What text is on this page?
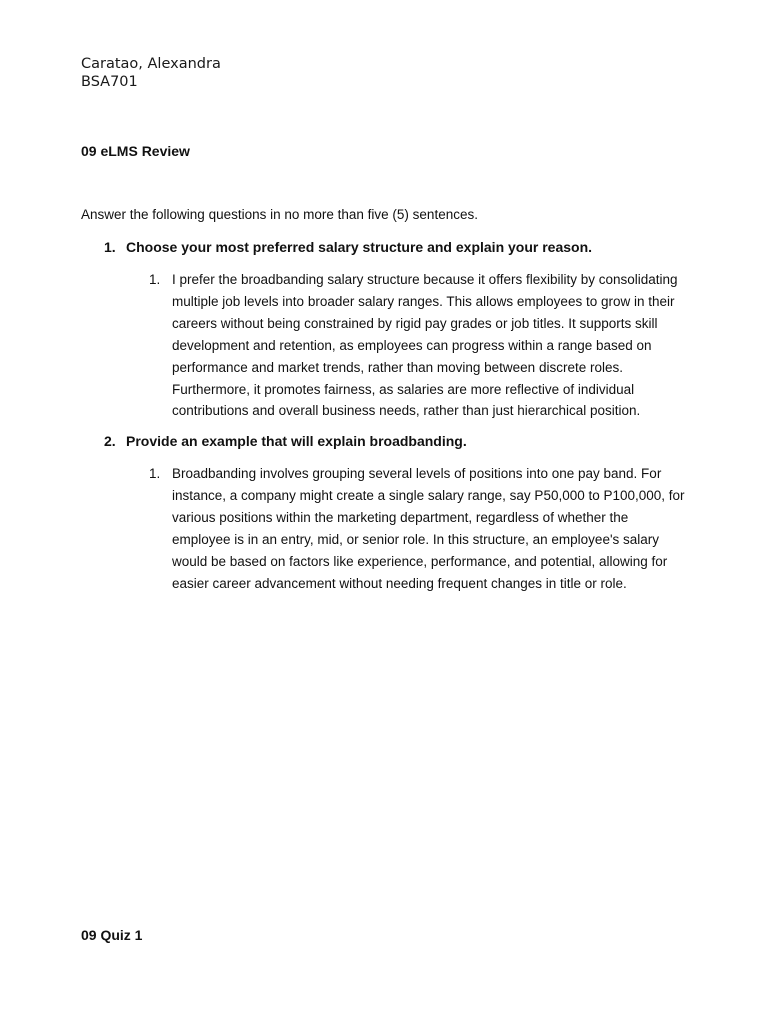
Caratao, Alexandra
BSA701
09 eLMS Review
Answer the following questions in no more than five (5) sentences.
1. Choose your most preferred salary structure and explain your reason.
1. I prefer the broadbanding salary structure because it offers flexibility by consolidating multiple job levels into broader salary ranges. This allows employees to grow in their careers without being constrained by rigid pay grades or job titles. It supports skill development and retention, as employees can progress within a range based on performance and market trends, rather than moving between discrete roles. Furthermore, it promotes fairness, as salaries are more reflective of individual contributions and overall business needs, rather than just hierarchical position.
2. Provide an example that will explain broadbanding.
1. Broadbanding involves grouping several levels of positions into one pay band. For instance, a company might create a single salary range, say P50,000 to P100,000, for various positions within the marketing department, regardless of whether the employee is in an entry, mid, or senior role. In this structure, an employee's salary would be based on factors like experience, performance, and potential, allowing for easier career advancement without needing frequent changes in title or role.
09 Quiz 1
